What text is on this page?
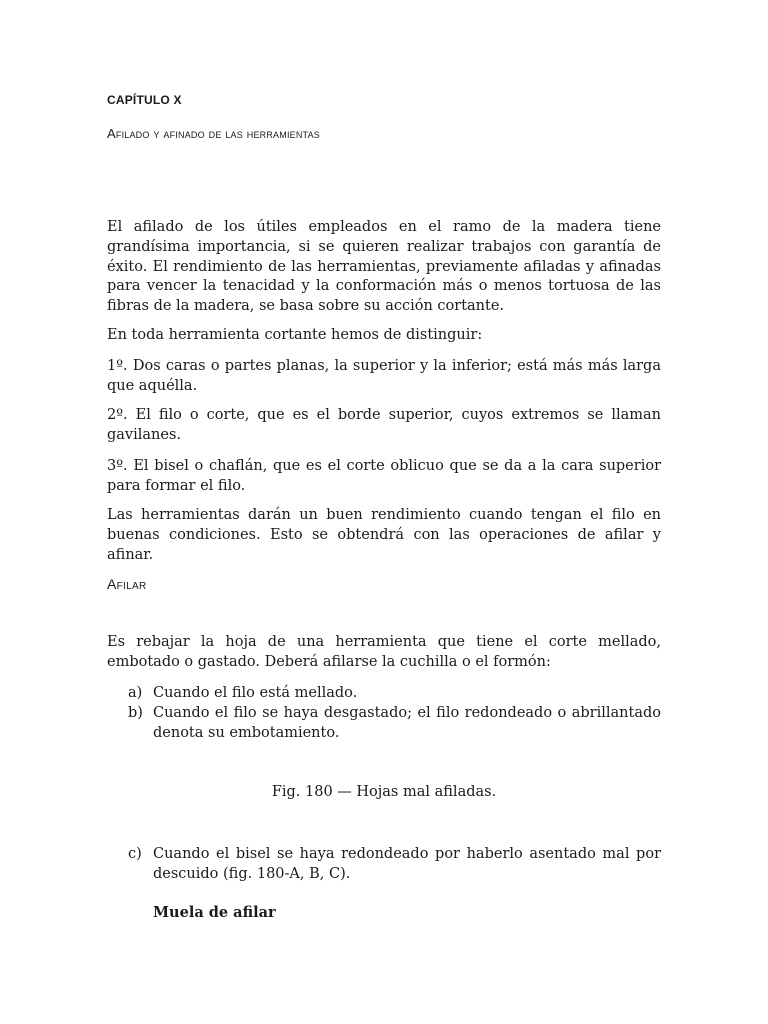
CAPÍTULO X
Afilado y afinado de las herramientas

El afilado de los útiles empleados en el ramo de la madera tiene grandísima importancia, si se quieren realizar trabajos con garantía de éxito. El rendimiento de las herramientas, previamente afiladas y afinadas para vencer la tenacidad y la conformación más o menos tortuosa de las fibras de la madera, se basa sobre su acción cortante.

En toda herramienta cortante hemos de distinguir:

1º. Dos caras o partes planas, la superior y la inferior; está más más larga que aquélla.

2º. El filo o corte, que es el borde superior, cuyos extremos se llaman gavilanes.

3º. El bisel o chaflán, que es el corte oblicuo que se da a la cara superior para formar el filo.

Las herramientas darán un buen rendimiento cuando tengan el filo en buenas condiciones. Esto se obtendrá con las operaciones de afilar y afinar.

Afilar

Es rebajar la hoja de una herramienta que tiene el corte mellado, embotado o gastado. Deberá afilarse la cuchilla o el formón:

a) Cuando el filo está mellado.
b) Cuando el filo se haya desgastado; el filo redondeado o abrillantado denota su embotamiento.
Fig. 180 — Hojas mal afiladas.
c) Cuando el bisel se haya redondeado por haberlo asentado mal por descuido (fig. 180-A, B, C).
Muela de afilar
